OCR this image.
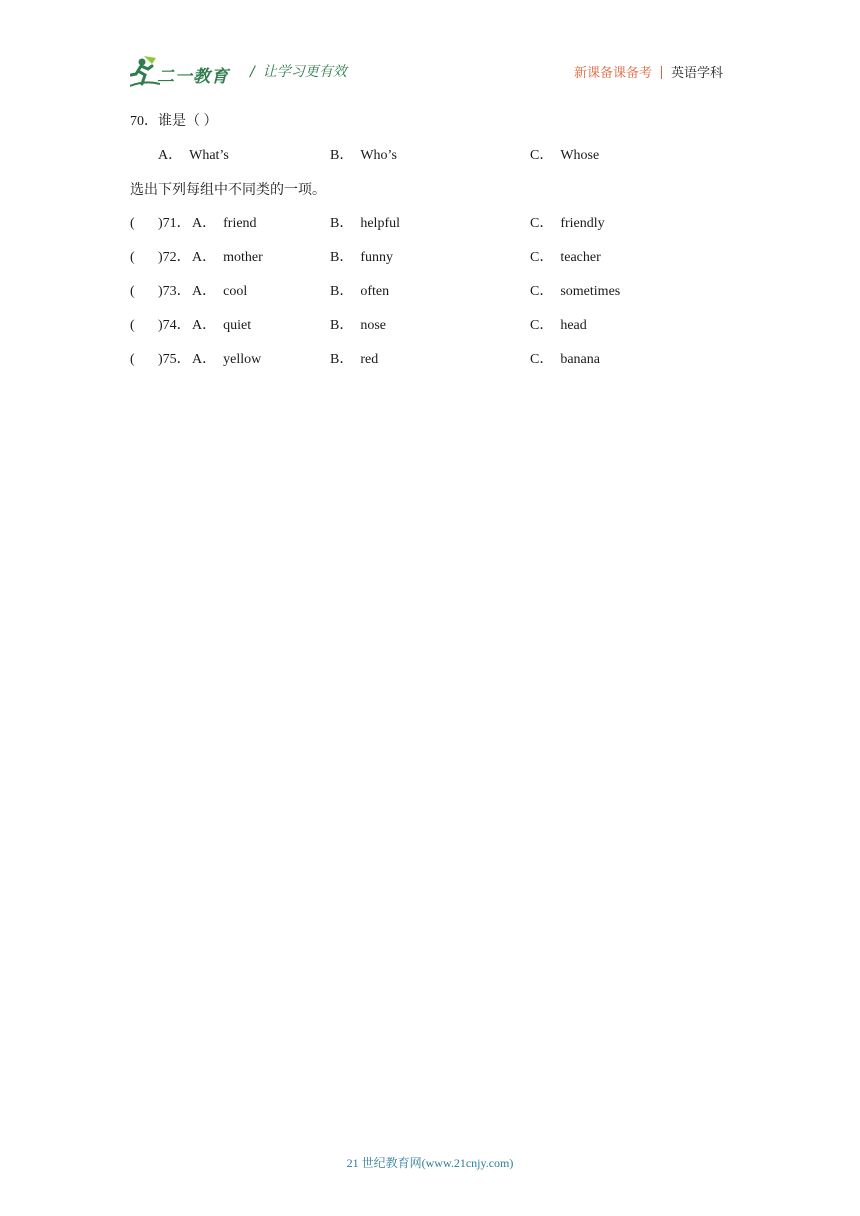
二一教育 / 让学习更有效	新课备课备考 英语学科
70．谁是（ ）
A． What’s	B． Who’s	C． Whose
选出下列每组中不同类的一项。
( )71． A． friend	B． helpful	C． friendly
( )72． A． mother	B． funny	C． teacher
( )73． A． cool	B． often	C． sometimes
( )74． A． quiet	B． nose	C． head
( )75． A． yellow	B． red	C． banana
21 世纪教育网(www.21cnjy.com)
